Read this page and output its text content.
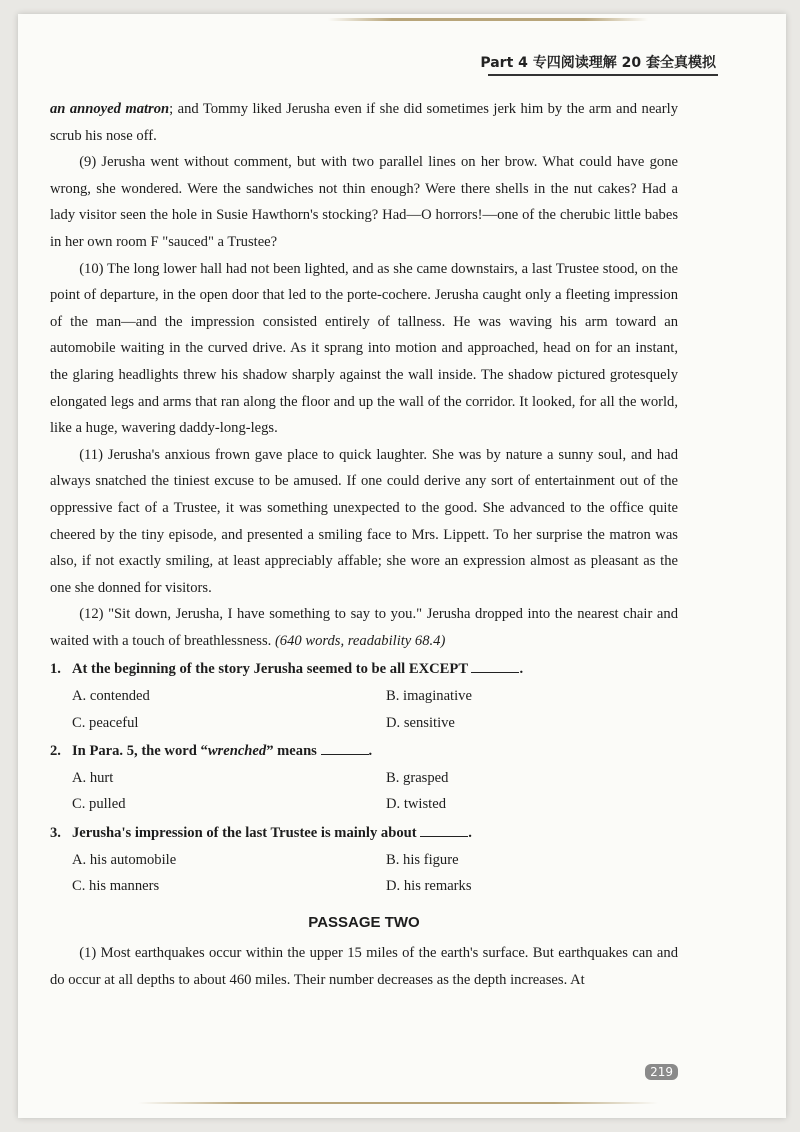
Part 4 专四阅读理解 20 套全真模拟

an annoyed matron; and Tommy liked Jerusha even if she did sometimes jerk him by the arm and nearly scrub his nose off.

(9) Jerusha went without comment, but with two parallel lines on her brow. What could have gone wrong, she wondered. Were the sandwiches not thin enough? Were there shells in the nut cakes? Had a lady visitor seen the hole in Susie Hawthorn's stocking? Had—O horrors!—one of the cherubic little babes in her own room F "sauced" a Trustee?

(10) The long lower hall had not been lighted, and as she came downstairs, a last Trustee stood, on the point of departure, in the open door that led to the porte-cochere. Jerusha caught only a fleeting impression of the man—and the impression consisted entirely of tallness. He was waving his arm toward an automobile waiting in the curved drive. As it sprang into motion and approached, head on for an instant, the glaring headlights threw his shadow sharply against the wall inside. The shadow pictured grotesquely elongated legs and arms that ran along the floor and up the wall of the corridor. It looked, for all the world, like a huge, wavering daddy-long-legs.

(11) Jerusha's anxious frown gave place to quick laughter. She was by nature a sunny soul, and had always snatched the tiniest excuse to be amused. If one could derive any sort of entertainment out of the oppressive fact of a Trustee, it was something unexpected to the good. She advanced to the office quite cheered by the tiny episode, and presented a smiling face to Mrs. Lippett. To her surprise the matron was also, if not exactly smiling, at least appreciably affable; she wore an expression almost as pleasant as the one she donned for visitors.

(12) "Sit down, Jerusha, I have something to say to you." Jerusha dropped into the nearest chair and waited with a touch of breathlessness. (640 words, readability 68.4)

1. At the beginning of the story Jerusha seemed to be all EXCEPT	.

A. contended	B. imaginative
C. peaceful	D. sensitive

2. In Para. 5, the word “wrenched” means	.

A. hurt	B. grasped
C. pulled	D. twisted

3. Jerusha's impression of the last Trustee is mainly about	.

A. his automobile	B. his figure
C. his manners	D. his remarks

PASSAGE TWO

(1) Most earthquakes occur within the upper 15 miles of the earth's surface. But earthquakes can and do occur at all depths to about 460 miles. Their number decreases as the depth increases. At

219
